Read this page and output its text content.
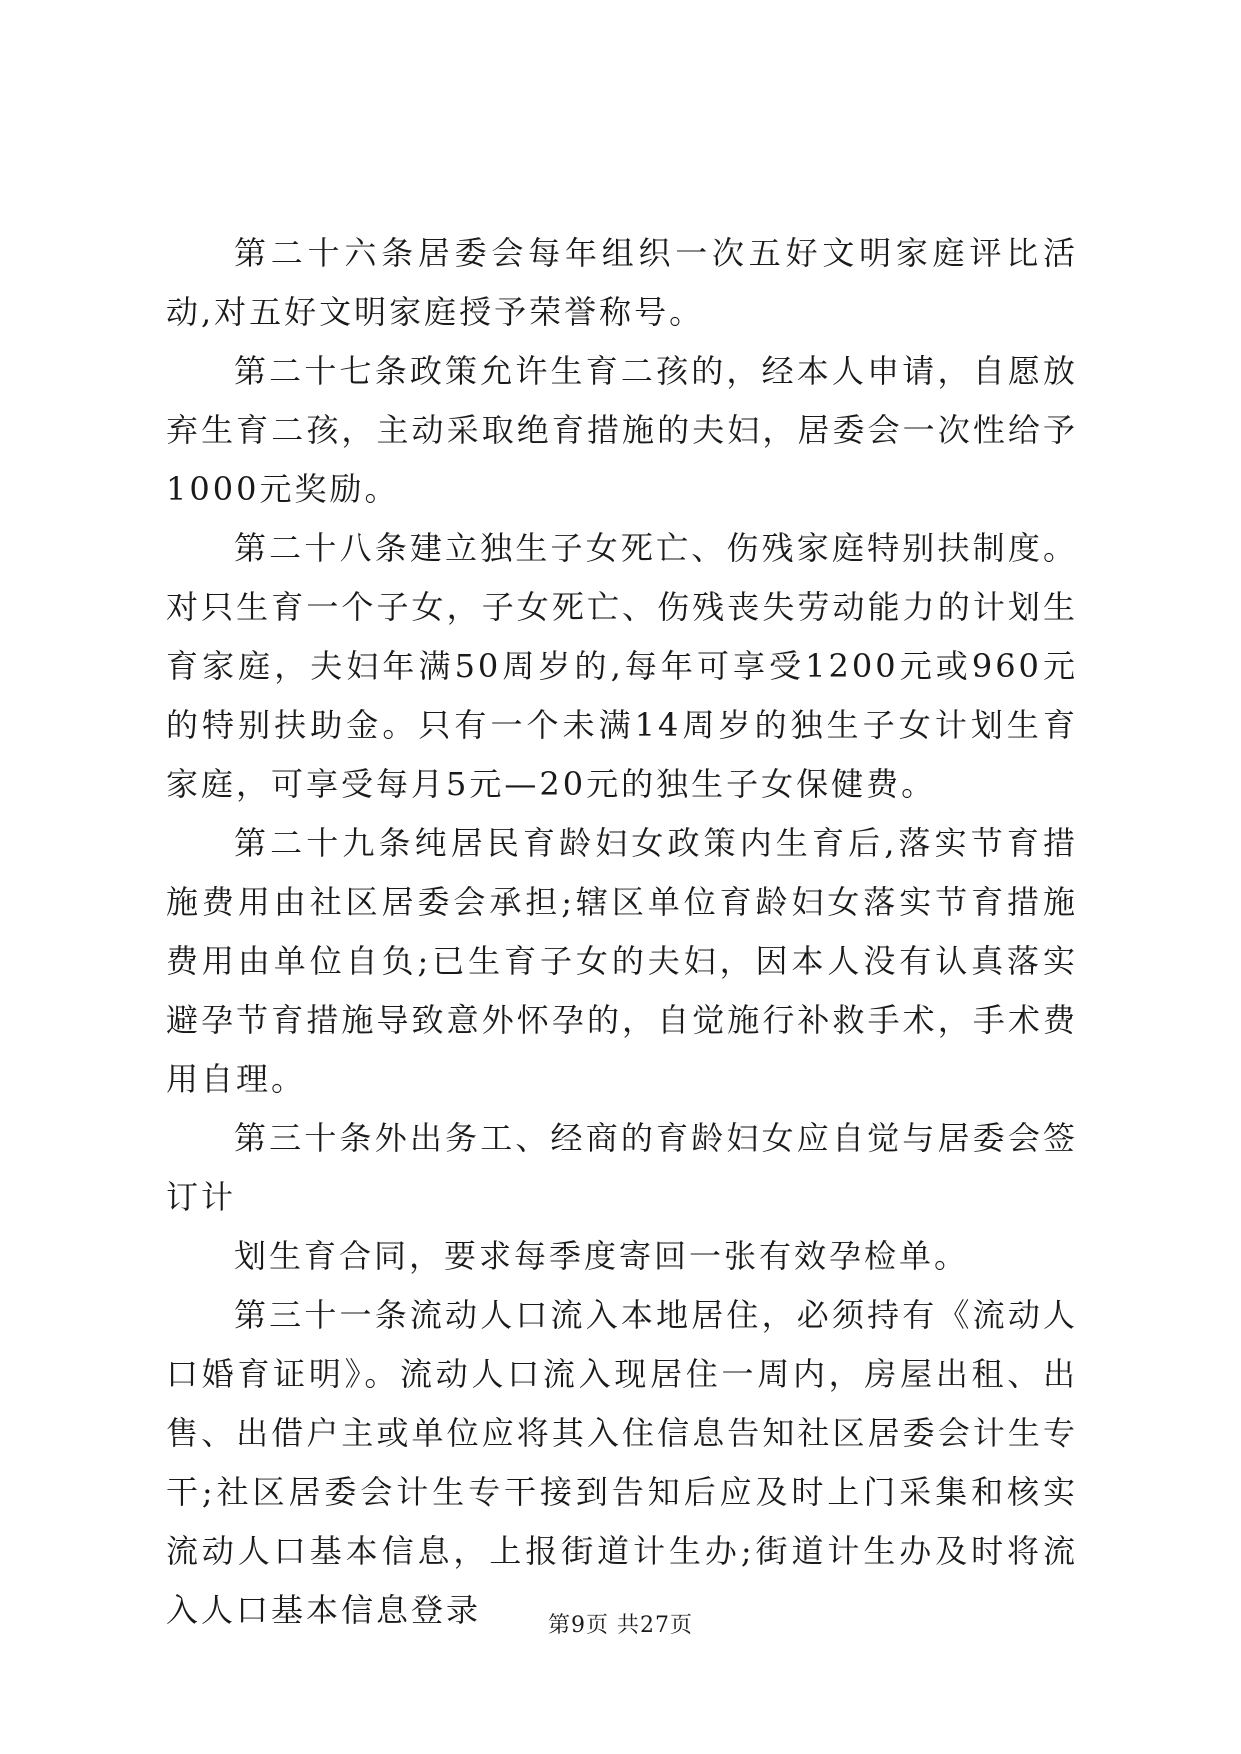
第二十六条居委会每年组织一次五好文明家庭评比活动,对五好文明家庭授予荣誉称号。

第二十七条政策允许生育二孩的，经本人申请，自愿放弃生育二孩，主动采取绝育措施的夫妇，居委会一次性给予1000元奖励。

第二十八条建立独生子女死亡、伤残家庭特别扶制度。对只生育一个子女，子女死亡、伤残丧失劳动能力的计划生育家庭，夫妇年满50周岁的,每年可享受1200元或960元的特别扶助金。只有一个未满14周岁的独生子女计划生育家庭，可享受每月5元—20元的独生子女保健费。

第二十九条纯居民育龄妇女政策内生育后,落实节育措施费用由社区居委会承担;辖区单位育龄妇女落实节育措施费用由单位自负;已生育子女的夫妇，因本人没有认真落实避孕节育措施导致意外怀孕的，自觉施行补救手术，手术费用自理。

第三十条外出务工、经商的育龄妇女应自觉与居委会签订计
划生育合同，要求每季度寄回一张有效孕检单。

第三十一条流动人口流入本地居住，必须持有《流动人口婚育证明》。流动人口流入现居住一周内，房屋出租、出售、出借户主或单位应将其入住信息告知社区居委会计生专干;社区居委会计生专干接到告知后应及时上门采集和核实流动人口基本信息，上报街道计生办;街道计生办及时将流入人口基本信息登录	第9页 共27页
